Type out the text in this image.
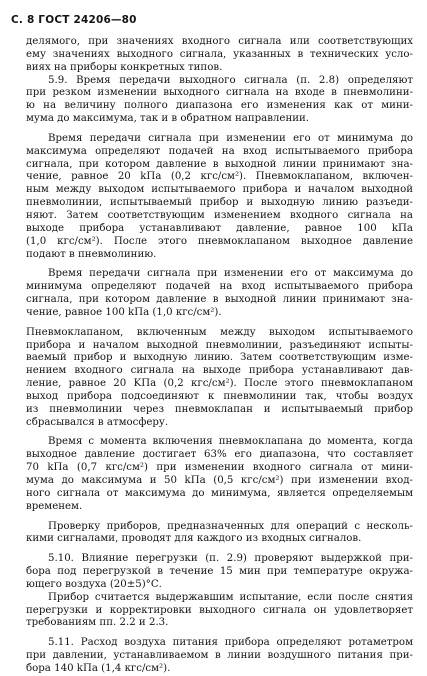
С. 8 ГОСТ 24206—80
делямого, при значениях входного сигнала или соответствующих
ему значениях выходного сигнала, указанных в технических усло-
виях на приборы конкретных типов.
5.9. Время передачи выходного сигнала (п. 2.8) определяют
при резком изменении выходного сигнала на входе в пневмолини-
ю на величину полного диапазона его изменения как от мини-
мума до максимума, так и в обратном направлении.
Время передачи сигнала при изменении его от минимума до
максимума определяют подачей на вход испытываемого прибора
сигнала, при котором давление в выходной линии принимают зна-
чение, равное 20 kПа (0,2 кгс/см²). Пневмоклапаном, включен-
ным между выходом испытываемого прибора и началом выходной
пневмолинии, испытываемый прибор и выходную линию разъеди-
няют. Затем соответствующим изменением входного сигнала на
выходе прибора устанавливают давление, равное 100 kПа
(1,0 кгс/см²). После этого пневмоклапаном выходное давление
подают в пневмолинию.
Время передачи сигнала при изменении его от максимума до
минимума определяют подачей на вход испытываемого прибора
сигнала, при котором давление в выходной линии принимают зна-
чение, равное 100 kПа (1,0 кгс/см²).
Пневмоклапаном, включенным между выходом испытываемого
прибора и началом выходной пневмолинии, разъединяют испыты-
ваемый прибор и выходную линию. Затем соответствующим изме-
нением входного сигнала на выходе прибора устанавливают дав-
ление, равное 20 KПа (0,2 кгс/см²). После этого пневмоклапаном
выход прибора подсоединяют к пневмолинии так, чтобы воздух
из пневмолинии через пневмоклапан и испытываемый прибор
сбрасывался в атмосферу.
Время с момента включения пневмоклапана до момента, когда
выходное давление достигает 63% его диапазона, что составляет
70 kПа (0,7 кгс/см²) при изменении входного сигнала от мини-
мума до максимума и 50 kПа (0,5 кгс/см²) при изменении вход-
ного сигнала от максимума до минимума, является определяемым
временем.
Проверку приборов, предназначенных для операций с несколь-
кими сигналами, проводят для каждого из входных сигналов.
5.10. Влияние перегрузки (п. 2.9) проверяют выдержкой при-
бора под перегрузкой в течение 15 мин при температуре окружа-
ющего воздуха (20±5)°С.
Прибор считается выдержавшим испытание, если после снятия
перегрузки и корректировки выходного сигнала он удовлетворяет
требованиям пп. 2.2 и 2.3.
5.11. Расход воздуха питания прибора определяют ротаметром
при давлении, устанавливаемом в линии воздушного питания при-
бора 140 kПа (1,4 кгс/см²).
